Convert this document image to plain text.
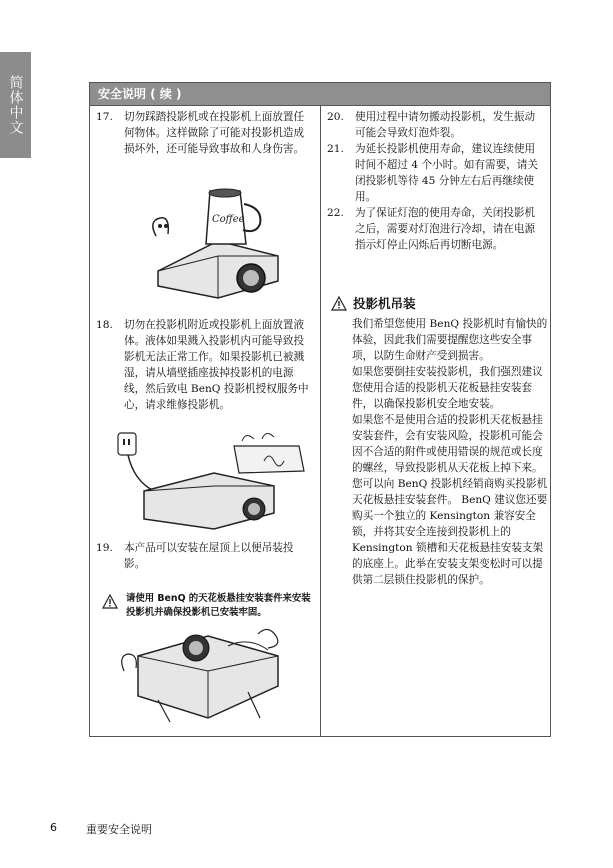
简体中文	安全说明 ( 续 )
17.	切勿踩踏投影机或在投影机上面放置任何物体。这样做除了可能对投影机造成损坏外，还可能导致事故和人身伤害。
Coffee
18.	切勿在投影机附近或投影机上面放置液体。液体如果溅入投影机内可能导致投影机无法正常工作。如果投影机已被溅湿，请从墙壁插座拔掉投影机的电源线，然后致电 BenQ 投影机授权服务中心，请求维修投影机。
19.	本产品可以安装在屋顶上以便吊装投影。
请使用 BenQ 的天花板悬挂安装套件来安装投影机并确保投影机已安装牢固。
20.	使用过程中请勿搬动投影机，发生振动可能会导致灯泡炸裂。
21.	为延长投影机使用寿命，建议连续使用时间不超过 4 个小时。如有需要，请关闭投影机等待 45 分钟左右后再继续使用。
22.	为了保证灯泡的使用寿命，关闭投影机之后，需要对灯泡进行冷却，请在电源指示灯停止闪烁后再切断电源。
投影机吊装

我们希望您使用 BenQ 投影机时有愉快的体验，因此我们需要提醒您这些安全事项，以防生命财产受到损害。

如果您要倒挂安装投影机，我们强烈建议您使用合适的投影机天花板悬挂安装套件，以确保投影机安全地安装。

如果您不是使用合适的投影机天花板悬挂安装套件，会有安装风险，投影机可能会因不合适的附件或使用错误的规范或长度的螺丝，导致投影机从天花板上掉下来。

您可以向 BenQ 投影机经销商购买投影机天花板悬挂安装套件。 BenQ 建议您还要购买一个独立的 Kensington 兼容安全锁，并将其安全连接到投影机上的 Kensington 锁槽和天花板悬挂安装支架的底座上。此举在安装支架变松时可以提供第二层锁住投影机的保护。

6	重要安全说明
